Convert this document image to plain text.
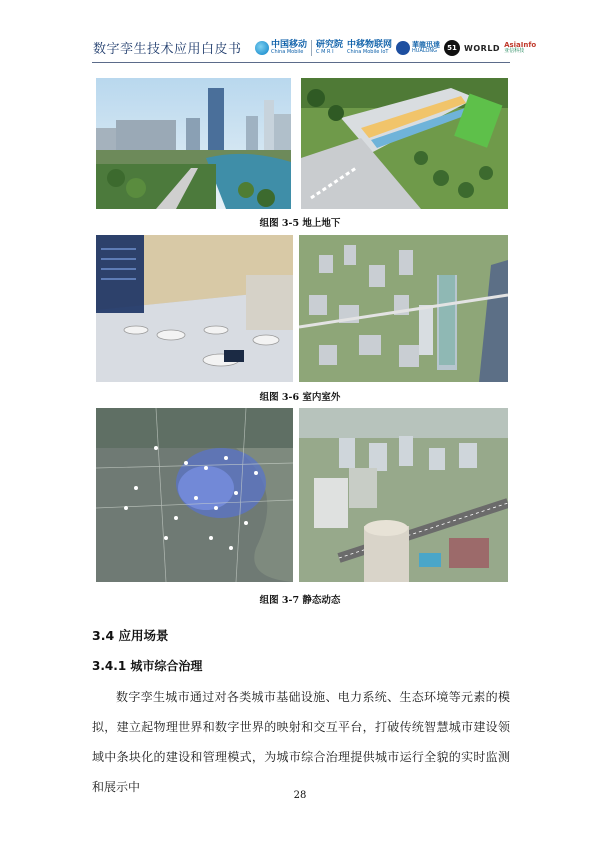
数字孪生技术应用白皮书	中国移动
China Mobile
研究院
C M R I
中移物联网
China Mobile IoT
華龍迅達
HUALONG	51 WORLD AsiaInfo
亚信科技
组图 3-5 地上地下
组图 3-6 室内室外
组图 3-7 静态动态
3.4 应用场景
3.4.1 城市综合治理
数字孪生城市通过对各类城市基础设施、电力系统、生态环境等元素的模拟，建立起物理世界和数字世界的映射和交互平台，打破传统智慧城市建设领域中条块化的建设和管理模式，为城市综合治理提供城市运行全貌的实时监测和展示中
28
